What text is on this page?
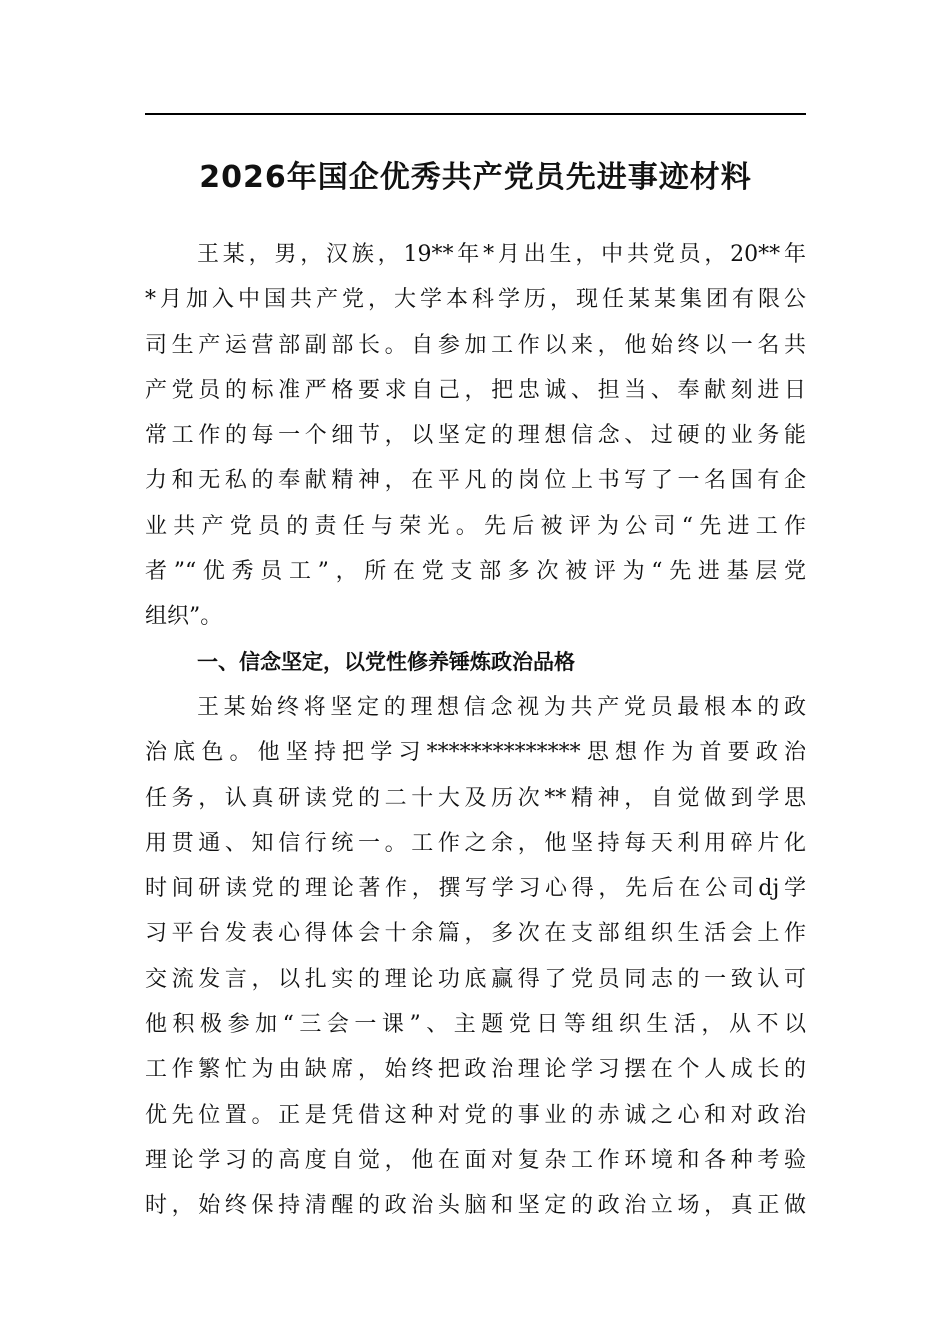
2026年国企优秀共产党员先进事迹材料
王某，男，汉族，19**年*月出生，中共党员，20**年
*月加入中国共产党，大学本科学历，现任某某集团有限公
司生产运营部副部长。自参加工作以来，他始终以一名共
产党员的标准严格要求自己，把忠诚、担当、奉献刻进日
常工作的每一个细节，以坚定的理想信念、过硬的业务能
力和无私的奉献精神，在平凡的岗位上书写了一名国有企
业共产党员的责任与荣光。先后被评为公司“先进工作
者”“优秀员工”，所在党支部多次被评为“先进基层党
组织”。
一、信念坚定，以党性修养锤炼政治品格
王某始终将坚定的理想信念视为共产党员最根本的政
治底色。他坚持把学习**************思想作为首要政治
任务，认真研读党的二十大及历次**精神，自觉做到学思
用贯通、知信行统一。工作之余，他坚持每天利用碎片化
时间研读党的理论著作，撰写学习心得，先后在公司dj学
习平台发表心得体会十余篇，多次在支部组织生活会上作
交流发言，以扎实的理论功底赢得了党员同志的一致认可
他积极参加“三会一课”、主题党日等组织生活，从不以
工作繁忙为由缺席，始终把政治理论学习摆在个人成长的
优先位置。正是凭借这种对党的事业的赤诚之心和对政治
理论学习的高度自觉，他在面对复杂工作环境和各种考验
时，始终保持清醒的政治头脑和坚定的政治立场，真正做
